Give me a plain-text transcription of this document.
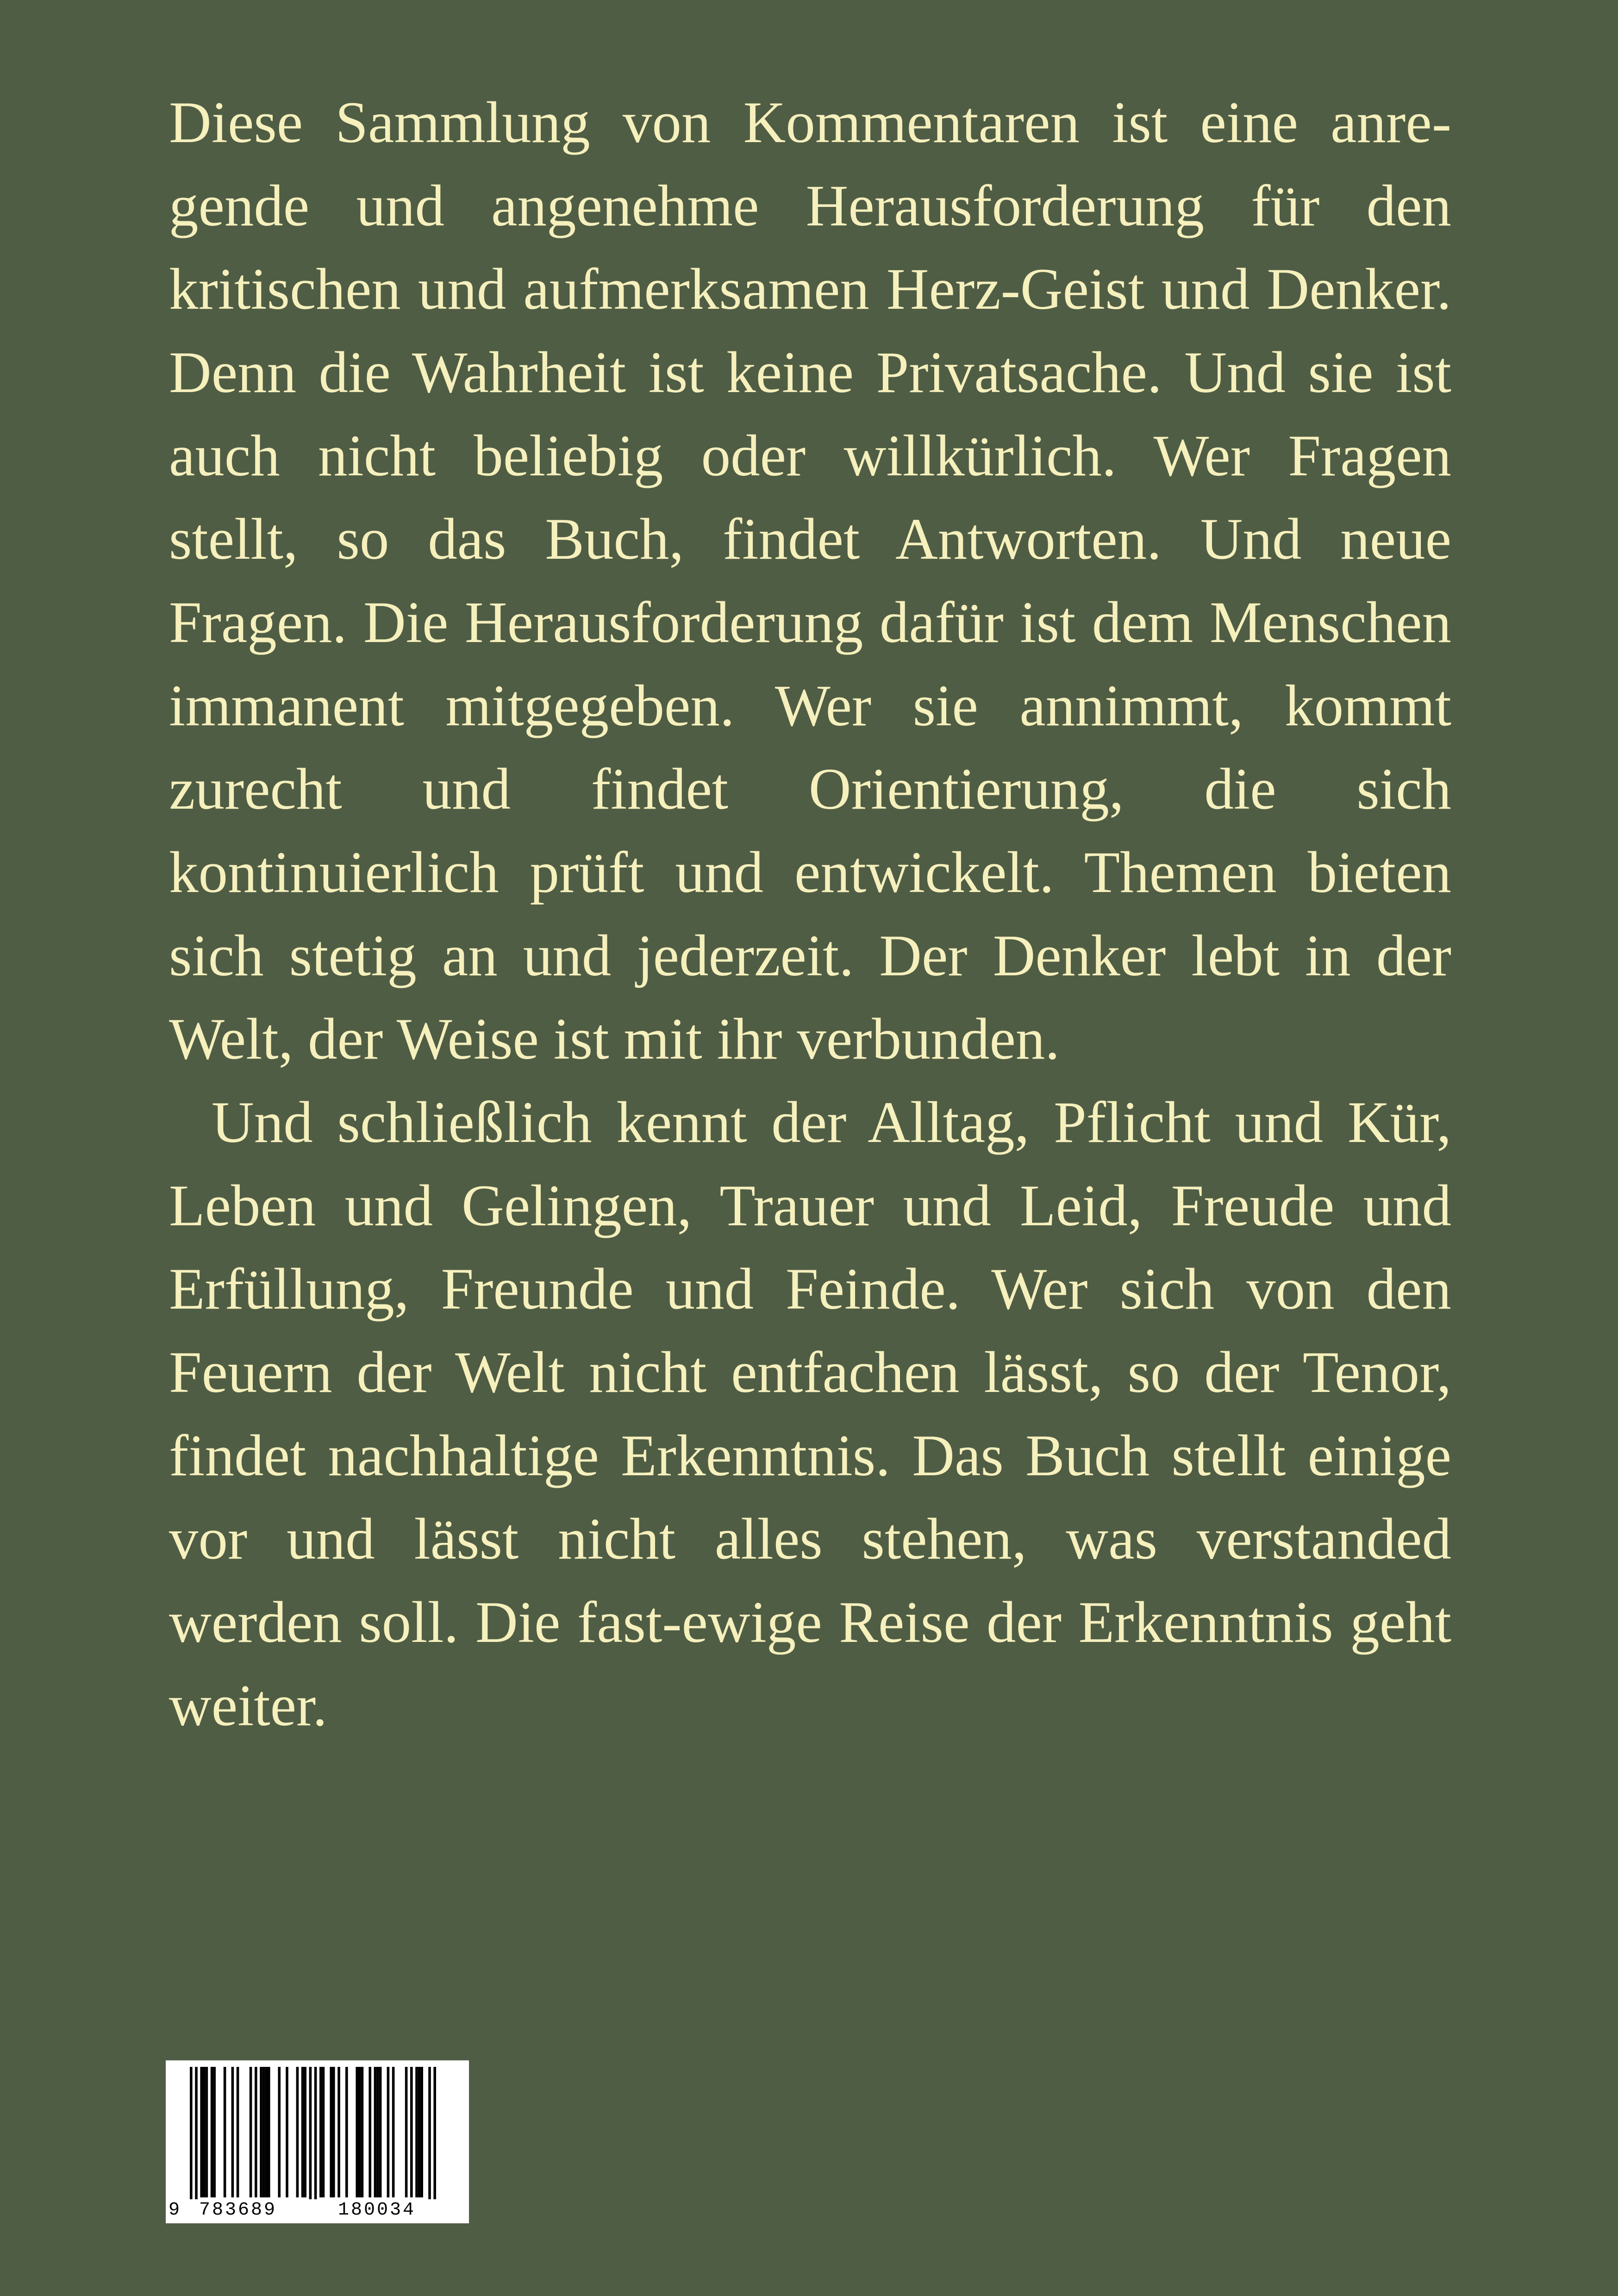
Diese Sammlung von Kommentaren ist eine anregende und angenehme Herausforderung für den kritischen und aufmerksamen Herz-Geist und Denker. Denn die Wahrheit ist keine Privatsache. Und sie ist auch nicht beliebig oder willkürlich. Wer Fragen stellt, so das Buch, findet Antworten. Und neue Fragen. Die Herausforderung dafür ist dem Menschen immanent mitgegeben. Wer sie annimmt, kommt zurecht und findet Orientierung, die sich kontinuierlich prüft und entwickelt. Themen bieten sich stetig an und jederzeit. Der Denker lebt in der Welt, der Weise ist mit ihr verbunden.

Und schließlich kennt der Alltag, Pflicht und Kür, Leben und Gelingen, Trauer und Leid, Freude und Erfüllung, Freunde und Feinde. Wer sich von den Feuern der Welt nicht entfachen lässt, so der Tenor, findet nachhaltige Erkenntnis. Das Buch stellt einige vor und lässt nicht alles stehen, was verstanded werden soll. Die fast-ewige Reise der Erkenntnis geht weiter.

9 783689	180034
